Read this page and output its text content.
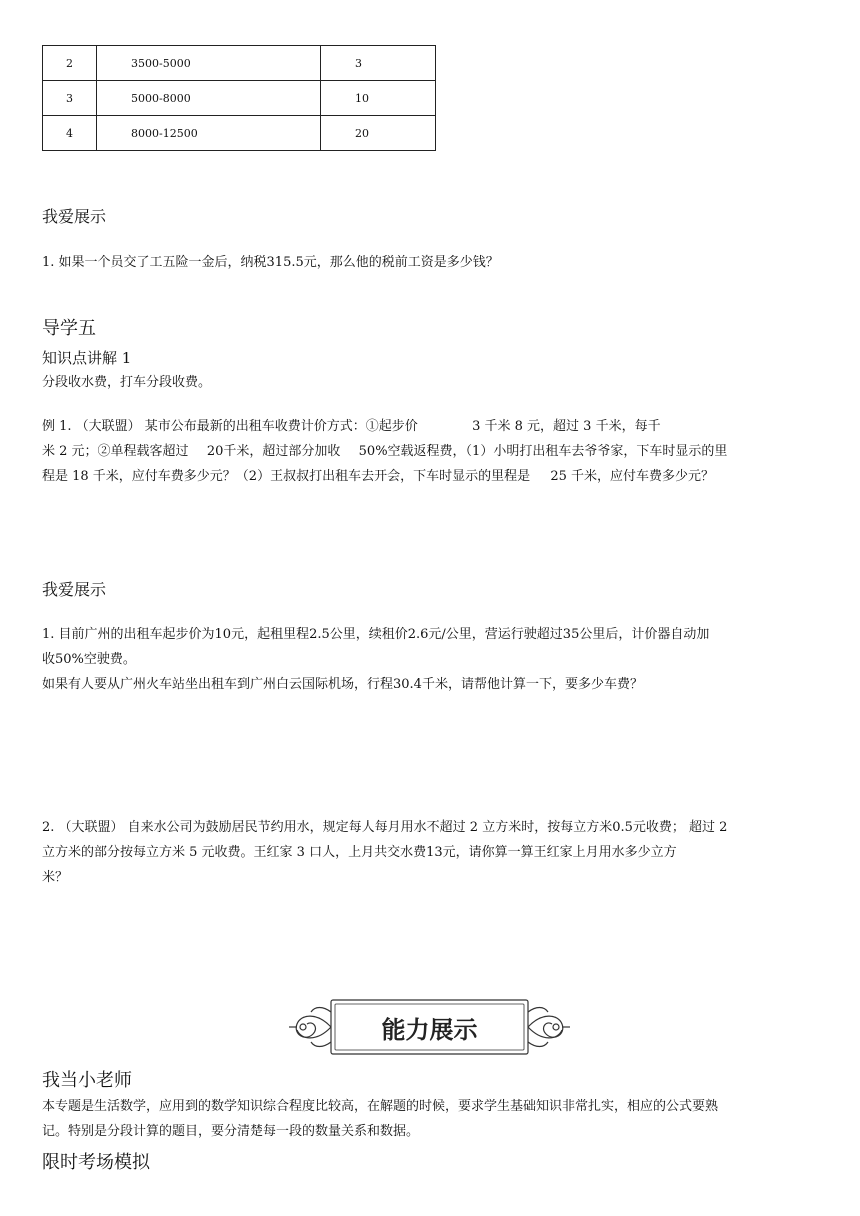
2	3500-5000	3
3	5000-8000	10
4	8000-12500	20
我爱展示
1. 如果一个员交了工五险一金后，纳税315.5元，那么他的税前工资是多少钱？
导学五
知识点讲解 1
分段收水费，打车分段收费。
例 1. （大联盟） 某市公布最新的出租车收费计价方式：①起步价	3 千米 8 元，超过 3 千米，每千
米 2 元；②单程载客超过 20千米，超过部分加收 50%空载返程费，（1）小明打出租车去爷爷家，下车时显示的里
程是 18 千米，应付车费多少元？（2）王叔叔打出租车去开会，下车时显示的里程是 25 千米，应付车费多少元？
我爱展示
1. 目前广州的出租车起步价为10元，起租里程2.5公里，续租价2.6元/公里，营运行驶超过35公里后，计价器自动加
收50%空驶费。
如果有人要从广州火车站坐出租车到广州白云国际机场，行程30.4千米，请帮他计算一下，要多少车费？
2. （大联盟） 自来水公司为鼓励居民节约用水，规定每人每月用水不超过 2 立方米时，按每立方米0.5元收费； 超过 2
立方米的部分按每立方米 5 元收费。王红家 3 口人，上月共交水费13元，请你算一算王红家上月用水多少立方
米？
能力展示
我当小老师
本专题是生活数学，应用到的数学知识综合程度比较高，在解题的时候，要求学生基础知识非常扎实，相应的公式要熟
记。特别是分段计算的题目，要分清楚每一段的数量关系和数据。
限时考场模拟
